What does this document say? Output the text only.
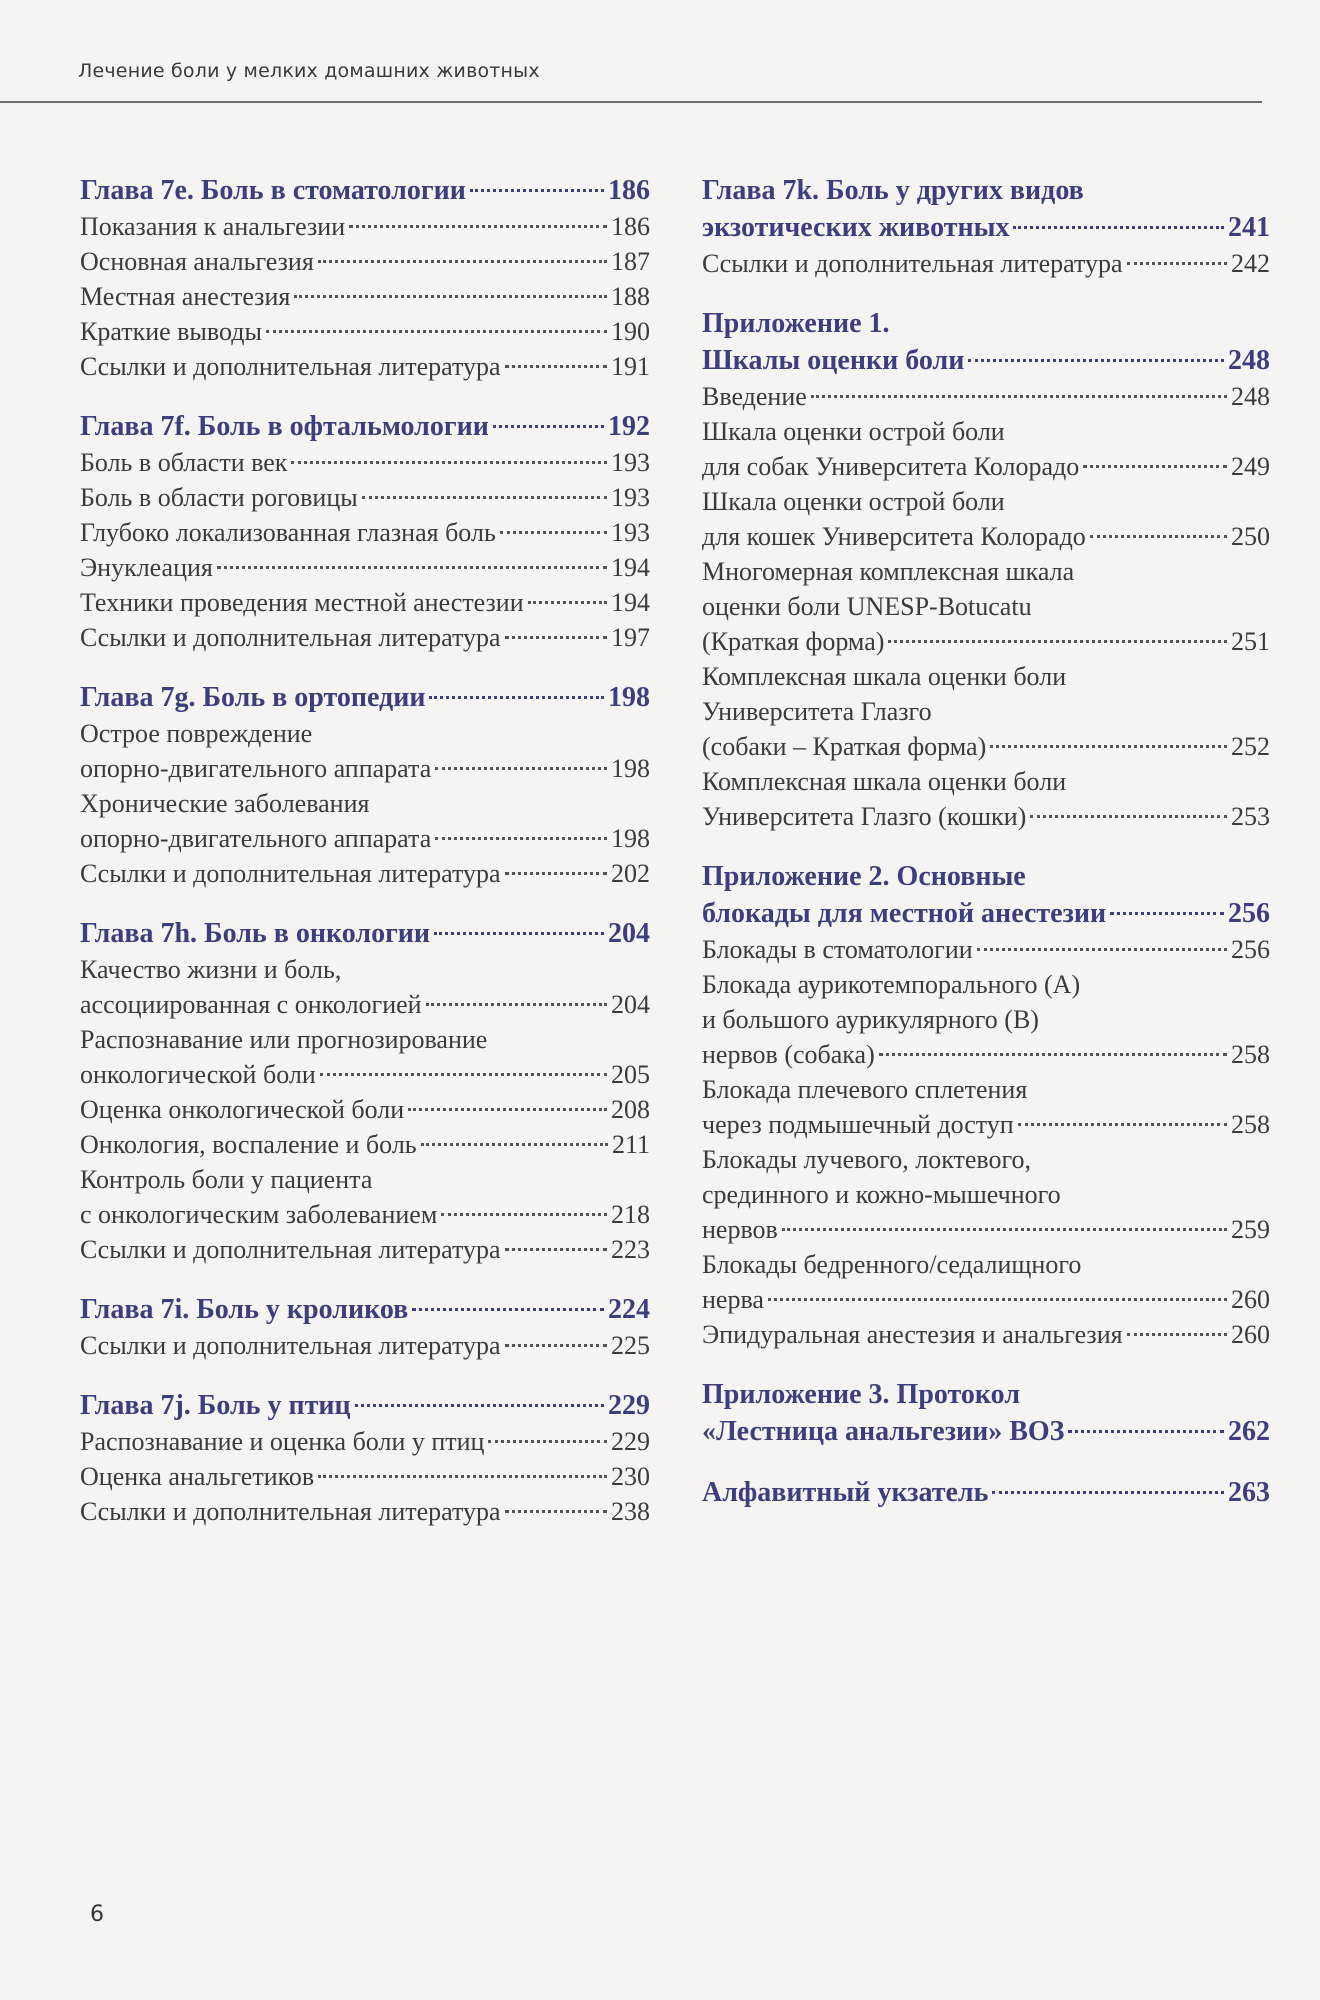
Лечение боли у мелких домашних животных
Глава 7e. Боль в стоматологии	186
Показания к анальгезии	186
Основная анальгезия	187
Местная анестезия	188
Краткие выводы	190
Ссылки и дополнительная литература	191
Глава 7f. Боль в офтальмологии	192
Боль в области век	193
Боль в области роговицы	193
Глубоко локализованная глазная боль	193
Энуклеация	194
Техники проведения местной анестезии	194
Ссылки и дополнительная литература	197
Глава 7g. Боль в ортопедии	198
Острое повреждение
опорно-двигательного аппарата	198
Хронические заболевания
опорно-двигательного аппарата	198
Ссылки и дополнительная литература	202
Глава 7h. Боль в онкологии	204
Качество жизни и боль,
ассоциированная с онкологией	204
Распознавание или прогнозирование
онкологической боли	205
Оценка онкологической боли	208
Онкология, воспаление и боль	211
Контроль боли у пациента
с онкологическим заболеванием	218
Ссылки и дополнительная литература	223
Глава 7i. Боль у кроликов	224
Ссылки и дополнительная литература	225
Глава 7j. Боль у птиц	229
Распознавание и оценка боли у птиц	229
Оценка анальгетиков	230
Ссылки и дополнительная литература	238
Глава 7k. Боль у других видов
экзотических животных	241
Ссылки и дополнительная литература	242
Приложение 1.
Шкалы оценки боли	248
Введение	248
Шкала оценки острой боли
для собак Университета Колорадо	249
Шкала оценки острой боли
для кошек Университета Колорадо	250
Многомерная комплексная шкала
оценки боли UNESP-Botucatu
(Краткая форма)	251
Комплексная шкала оценки боли
Университета Глазго
(собаки – Краткая форма)	252
Комплексная шкала оценки боли
Университета Глазго (кошки)	253
Приложение 2. Основные
блокады для местной анестезии	256
Блокады в стоматологии	256
Блокада аурикотемпорального (A)
и большого аурикулярного (B)
нервов (собака)	258
Блокада плечевого сплетения
через подмышечный доступ	258
Блокады лучевого, локтевого,
срединного и кожно-мышечного
нервов	259
Блокады бедренного/седалищного
нерва	260
Эпидуральная анестезия и анальгезия	260
Приложение 3. Протокол
«Лестница анальгезии» ВОЗ	262
Алфавитный укзатель	263
6
